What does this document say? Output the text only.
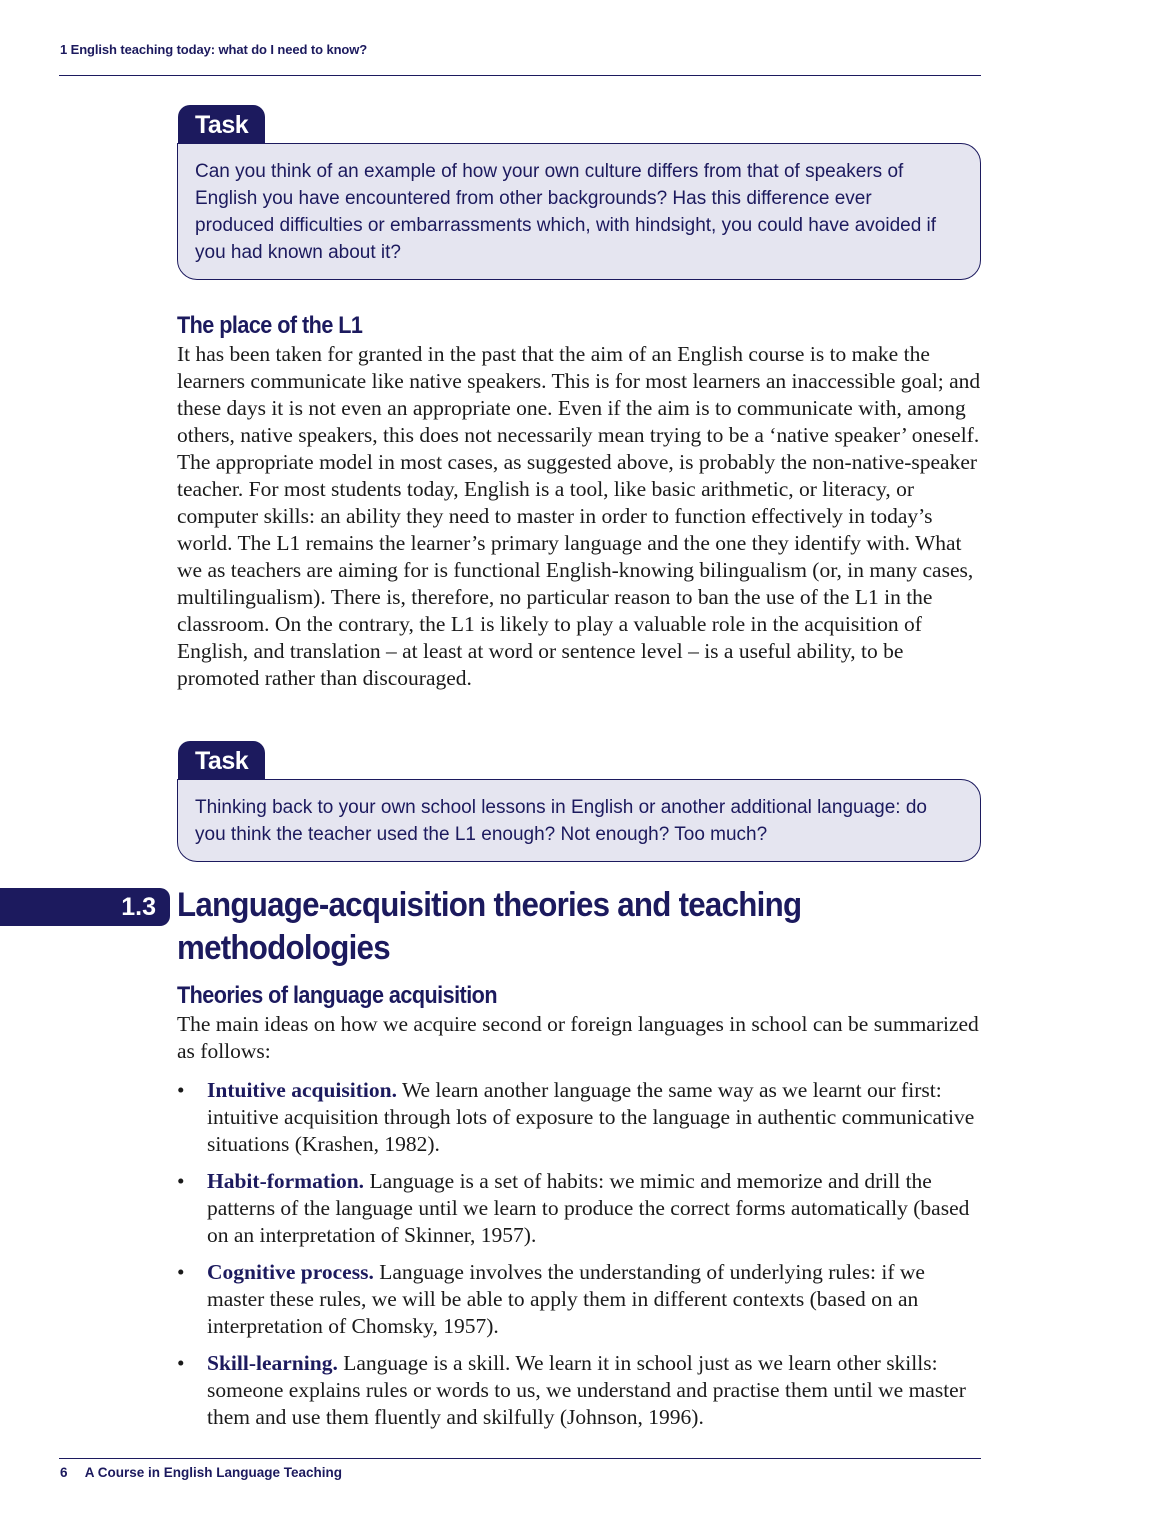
1 English teaching today: what do I need to know?
Task
Can you think of an example of how your own culture differs from that of speakers of English you have encountered from other backgrounds? Has this difference ever produced difficulties or embarrassments which, with hindsight, you could have avoided if you had known about it?
The place of the L1

It has been taken for granted in the past that the aim of an English course is to make the learners communicate like native speakers. This is for most learners an inaccessible goal; and these days it is not even an appropriate one. Even if the aim is to communicate with, among others, native speakers, this does not necessarily mean trying to be a ‘native speaker’ oneself. The appropriate model in most cases, as suggested above, is probably the non-native-speaker teacher. For most students today, English is a tool, like basic arithmetic, or literacy, or computer skills: an ability they need to master in order to function effectively in today’s world. The L1 remains the learner’s primary language and the one they identify with. What we as teachers are aiming for is functional English-knowing bilingualism (or, in many cases, multilingualism). There is, therefore, no particular reason to ban the use of the L1 in the classroom. On the contrary, the L1 is likely to play a valuable role in the acquisition of English, and translation – at least at word or sentence level – is a useful ability, to be promoted rather than discouraged.

Task
Thinking back to your own school lessons in English or another additional language: do you think the teacher used the L1 enough? Not enough? Too much?
1.3 Language-acquisition theories and teaching methodologies
Theories of language acquisition

The main ideas on how we acquire second or foreign languages in school can be summarized as follows:

• Intuitive acquisition. We learn another language the same way as we learnt our first: intuitive acquisition through lots of exposure to the language in authentic communicative situations (Krashen, 1982).
• Habit-formation. Language is a set of habits: we mimic and memorize and drill the patterns of the language until we learn to produce the correct forms automatically (based on an interpretation of Skinner, 1957).
• Cognitive process. Language involves the understanding of underlying rules: if we master these rules, we will be able to apply them in different contexts (based on an interpretation of Chomsky, 1957).
• Skill-learning. Language is a skill. We learn it in school just as we learn other skills: someone explains rules or words to us, we understand and practise them until we master them and use them fluently and skilfully (Johnson, 1996).
6 A Course in English Language Teaching
